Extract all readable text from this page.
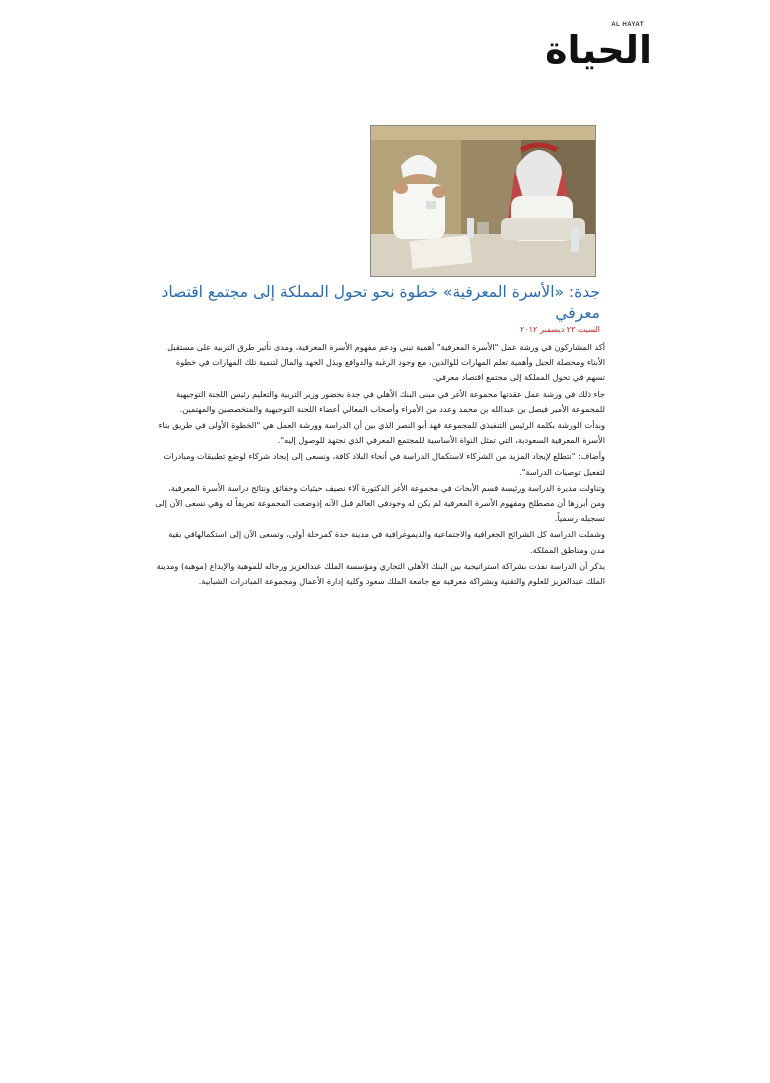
AL HAYAT
الحياة
جدة: «الأسرة المعرفية» خطوة نحو تحول المملكة إلى مجتمع اقتصاد معرفي
السبت ٢٢ ديسمبر ٢٠١٢

أكد المشاركون في ورشة عمل "الأسرة المعرفية" أهمية تبني ودعم مفهوم الأسرة المعرفية، ومدى تأثير طرق التربية على مستقبل الأبناء ومحصلة الجيل وأهمية تعلم المهارات للوالدين، مع وجود الرغبة والدوافع وبذل الجهد والمال لتنمية تلك المهارات في خطوة تسهم في تحول المملكة إلى مجتمع اقتصاد معرفي.

جاء ذلك في ورشة عمل عقدتها مجموعة الأغر في مبنى البنك الأهلي في جدة بحضور وزير التربية والتعليم رئيس اللجنة التوجيهية للمجموعة الأمير فيصل بن عبدالله بن محمد وعدد من الأمراء وأصحاب المعالي أعضاء اللجنة التوجيهية والمتخصصين والمهتمين.

وبدأت الورشة بكلمة الرئيس التنفيذي للمجموعة فهد أبو النصر الذي بين أن الدراسة وورشة العمل هي "الخطوة الأولى في طريق بناء الأسرة المعرفية السعودية، التي تمثل النواة الأساسية للمجتمع المعرفي الذي نجتهد للوصول إليه".

وأضاف: "نتطلع لإيجاد المزيد من الشركاء لاستكمال الدراسة في أنحاء البلاد كافة، ونسعى إلى إيجاد شركاء لوضع تطبيقات ومبادرات لتفعيل توصيات الدراسة".

وتناولت مديرة الدراسة ورئيسة قسم الأبحاث في مجموعة الأغر الدكتورة آلاء نصيف حيثيات وحقائق ونتائج دراسة الأسرة المعرفية، ومن أبرزها أن مصطلح ومفهوم الأسرة المعرفية لم يكن له وجودفي العالم قبل الآنه إذوضعت المجموعة تعريفاً له وهي تسعى الآن إلى تسجيله رسمياً.

وشملت الدراسة كل الشرائح الجغرافية والاجتماعية والديموغرافية في مدينة جدة كمرحلة أولى، وتسعى الآن إلى استكمالهافي بقية مدن ومناطق المملكة.

يذكر أن الدراسة نفذت بشراكة استراتيجية بين البنك الأهلي التجاري ومؤسسة الملك عبدالعزيز ورجاله للموهبة والإبداع (موهبة) ومدينة الملك عبدالعزيز للعلوم والتقنية وبشراكة معرفية مع جامعة الملك سعود وكلية إدارة الأعمال ومجموعة المبادرات الشبابية.
